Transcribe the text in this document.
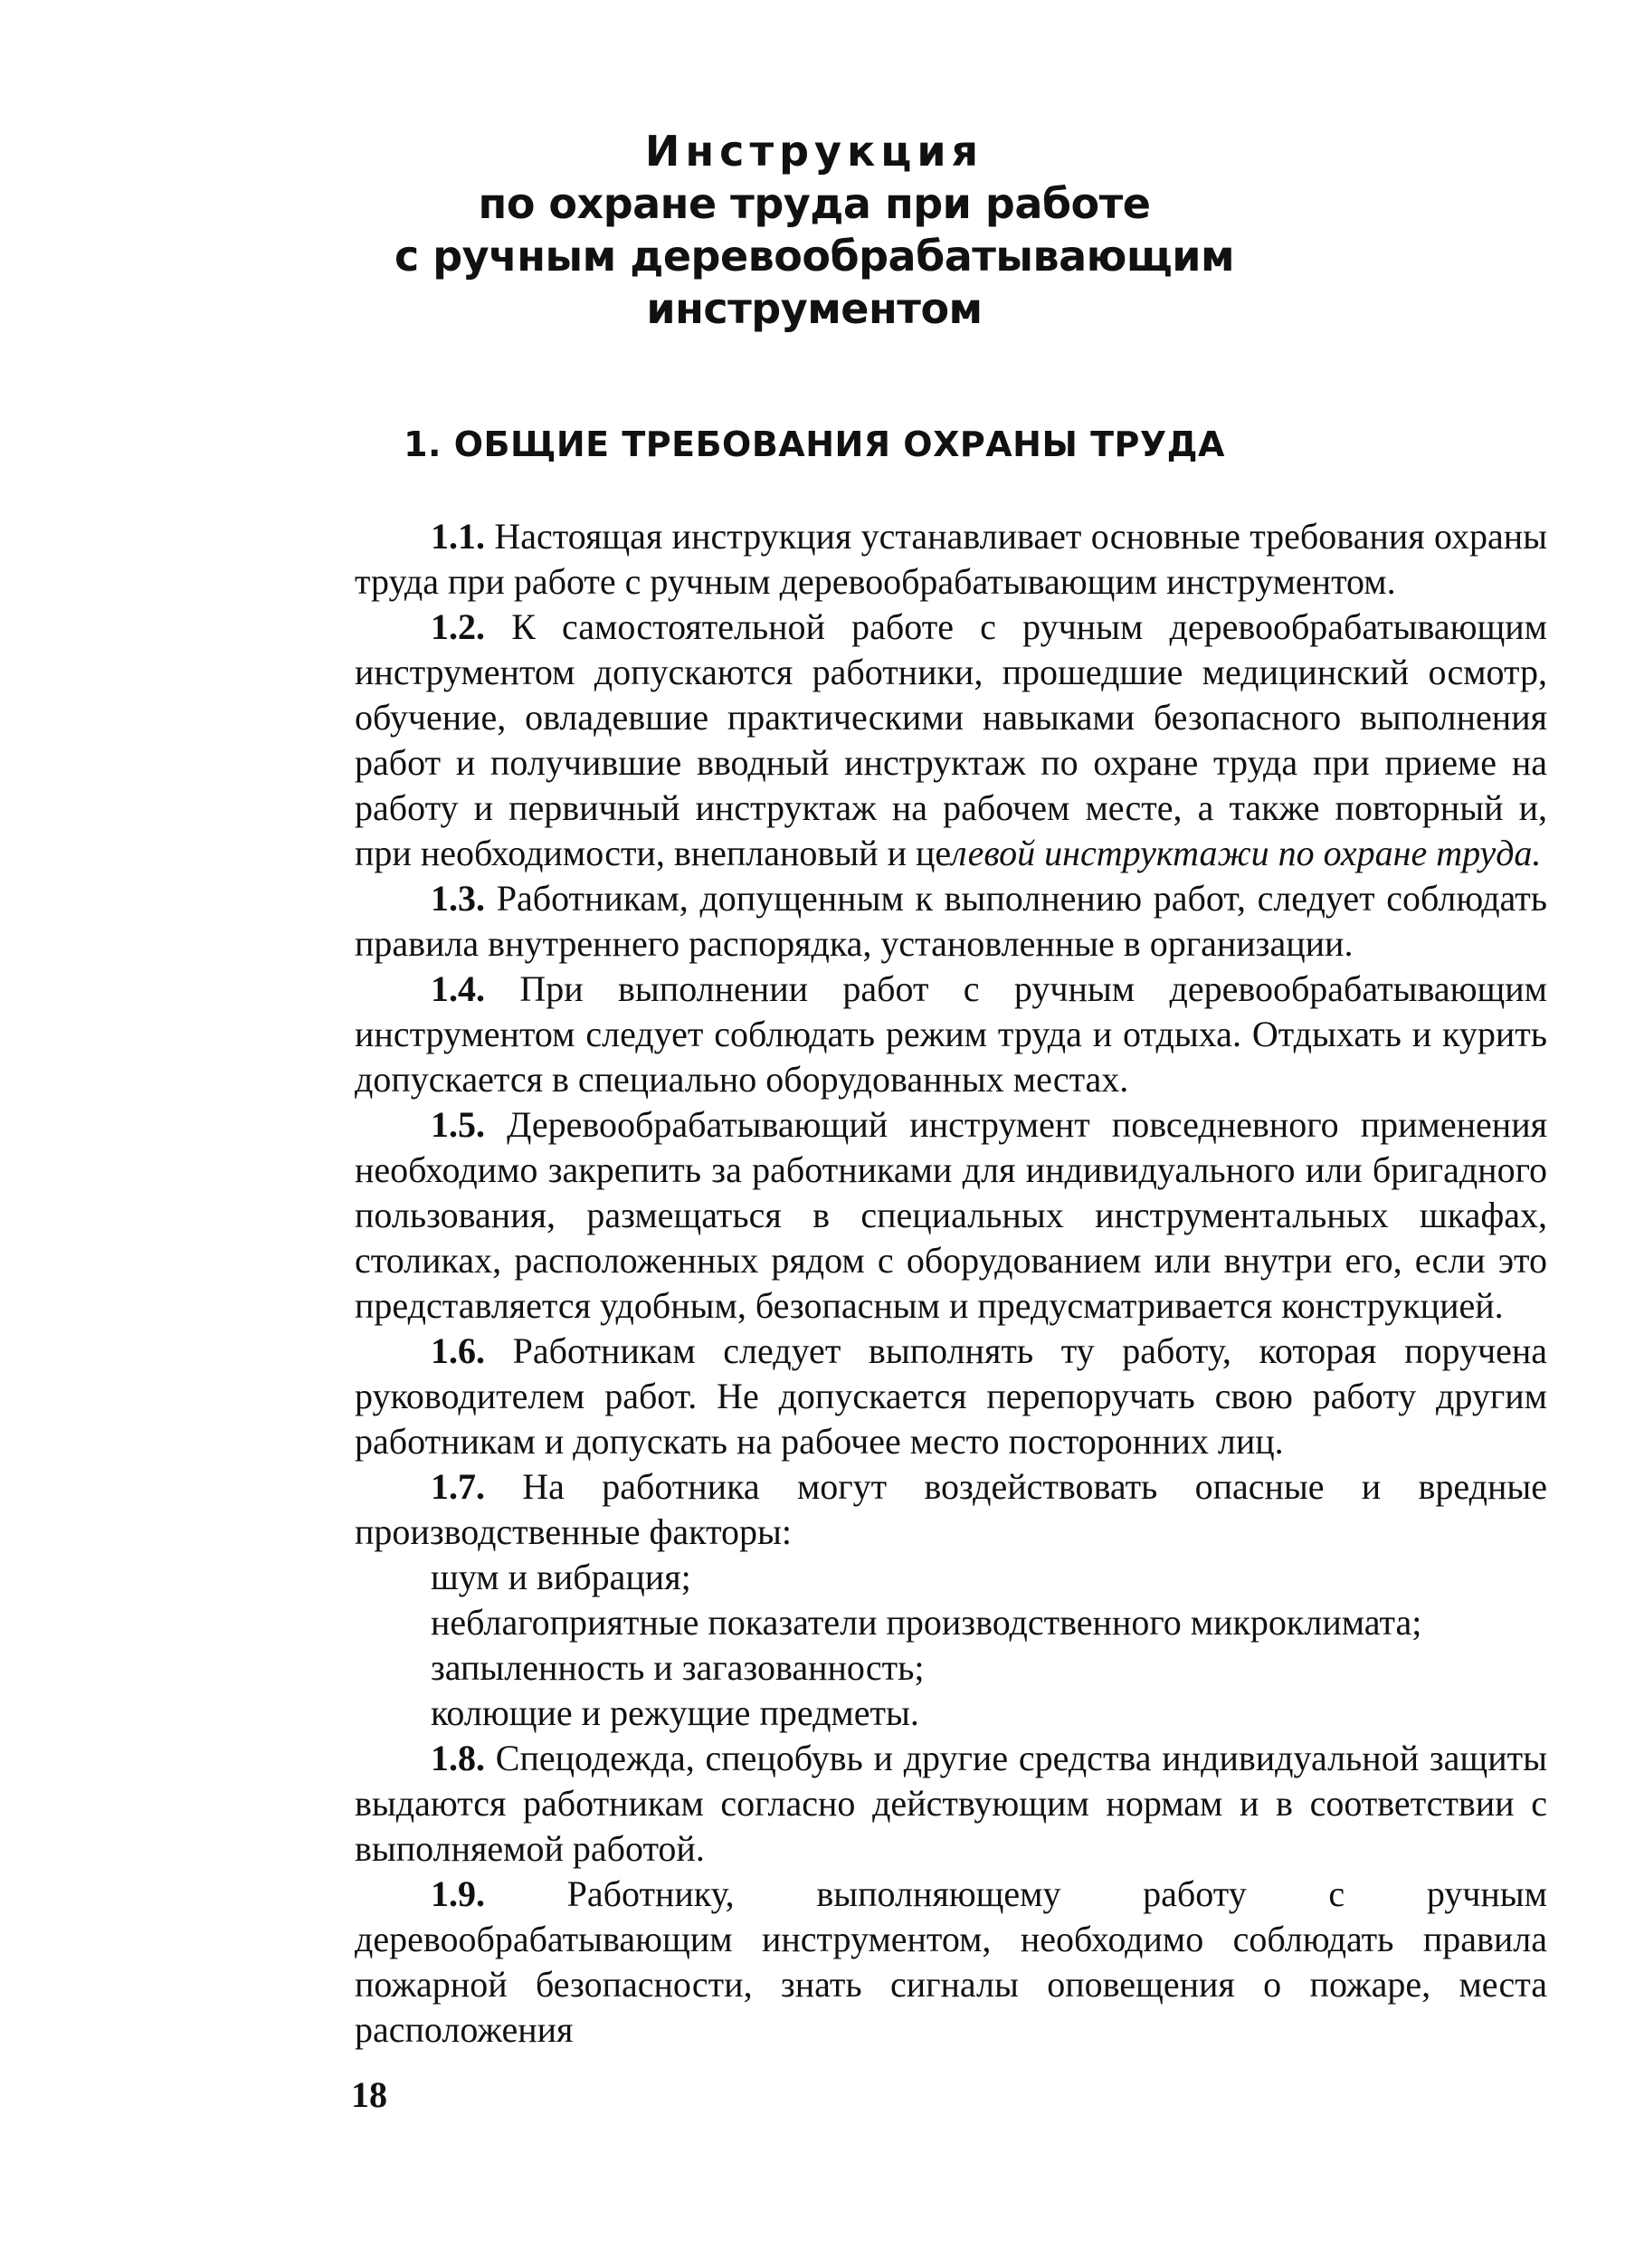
Инструкция
по охране труда при работе
с ручным деревообрабатывающим
инструментом
1. ОБЩИЕ ТРЕБОВАНИЯ ОХРАНЫ ТРУДА

1.1. Настоящая инструкция устанавливает основные требования охраны труда при работе с ручным деревообрабатывающим инструментом.

1.2. К самостоятельной работе с ручным деревообрабатывающим инструментом допускаются работники, прошедшие медицинский осмотр, обучение, овладевшие практическими навыками безопасного выполнения работ и получившие вводный инструктаж по охране труда при приеме на работу и первичный инструктаж на рабочем месте, а также повторный и, при необходимости, внеплановый и целевой инструктажи по охране труда.

1.3. Работникам, допущенным к выполнению работ, следует соблюдать правила внутреннего распорядка, установленные в организации.

1.4. При выполнении работ с ручным деревообрабатывающим инструментом следует соблюдать режим труда и отдыха. Отдыхать и курить допускается в специально оборудованных местах.

1.5. Деревообрабатывающий инструмент повседневного применения необходимо закрепить за работниками для индивидуального или бригадного пользования, размещаться в специальных инструментальных шкафах, столиках, расположенных рядом с оборудованием или внутри его, если это представляется удобным, безопасным и предусматривается конструкцией.

1.6. Работникам следует выполнять ту работу, которая поручена руководителем работ. Не допускается перепоручать свою работу другим работникам и допускать на рабочее место посторонних лиц.

1.7. На работника могут воздействовать опасные и вредные производственные факторы:

шум и вибрация;

неблагоприятные показатели производственного микроклимата;

запыленность и загазованность;

колющие и режущие предметы.

1.8. Спецодежда, спецобувь и другие средства индивидуальной защиты выдаются работникам согласно действующим нормам и в соответствии с выполняемой работой.

1.9. Работнику, выполняющему работу с ручным деревообрабатывающим инструментом, необходимо соблюдать правила пожарной безопасности, знать сигналы оповещения о пожаре, места расположения

18
